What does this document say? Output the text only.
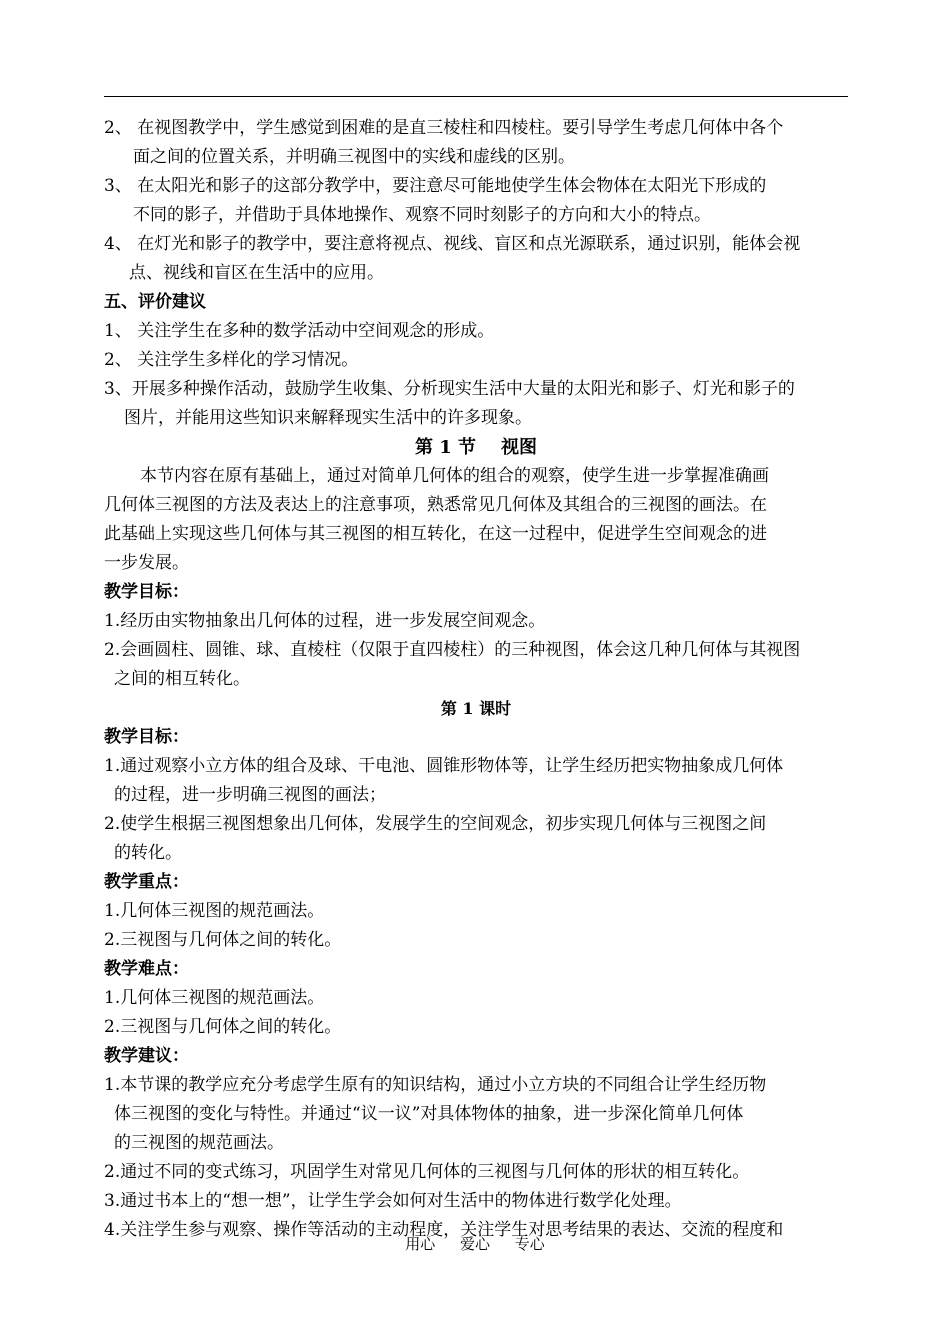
2、 在视图教学中，学生感觉到困难的是直三棱柱和四棱柱。要引导学生考虑几何体中各个
面之间的位置关系，并明确三视图中的实线和虚线的区别。
3、 在太阳光和影子的这部分教学中，要注意尽可能地使学生体会物体在太阳光下形成的
不同的影子，并借助于具体地操作、观察不同时刻影子的方向和大小的特点。
4、 在灯光和影子的教学中，要注意将视点、视线、盲区和点光源联系，通过识别，能体会视
点、视线和盲区在生活中的应用。
五、评价建议
1、 关注学生在多种的数学活动中空间观念的形成。
2、 关注学生多样化的学习情况。
3、开展多种操作活动，鼓励学生收集、分析现实生活中大量的太阳光和影子、灯光和影子的
图片，并能用这些知识来解释现实生活中的许多现象。
第 1 节    视图
本节内容在原有基础上，通过对简单几何体的组合的观察，使学生进一步掌握准确画
几何体三视图的方法及表达上的注意事项，熟悉常见几何体及其组合的三视图的画法。在
此基础上实现这些几何体与其三视图的相互转化，在这一过程中，促进学生空间观念的进
一步发展。
教学目标：
1.经历由实物抽象出几何体的过程，进一步发展空间观念。
2.会画圆柱、圆锥、球、直棱柱（仅限于直四棱柱）的三种视图，体会这几种几何体与其视图
之间的相互转化。
第 1 课时
教学目标：
1.通过观察小立方体的组合及球、干电池、圆锥形物体等，让学生经历把实物抽象成几何体
的过程，进一步明确三视图的画法；
2.使学生根据三视图想象出几何体，发展学生的空间观念，初步实现几何体与三视图之间
的转化。
教学重点：
1.几何体三视图的规范画法。
2.三视图与几何体之间的转化。
教学难点：
1.几何体三视图的规范画法。
2.三视图与几何体之间的转化。
教学建议：
1.本节课的教学应充分考虑学生原有的知识结构，通过小立方块的不同组合让学生经历物
体三视图的变化与特性。并通过“议一议”对具体物体的抽象，进一步深化简单几何体
的三视图的规范画法。
2.通过不同的变式练习，巩固学生对常见几何体的三视图与几何体的形状的相互转化。
3.通过书本上的“想一想”，让学生学会如何对生活中的物体进行数学化处理。
4.关注学生参与观察、操作等活动的主动程度，关注学生对思考结果的表达、交流的程度和
用心 爱心 专心
